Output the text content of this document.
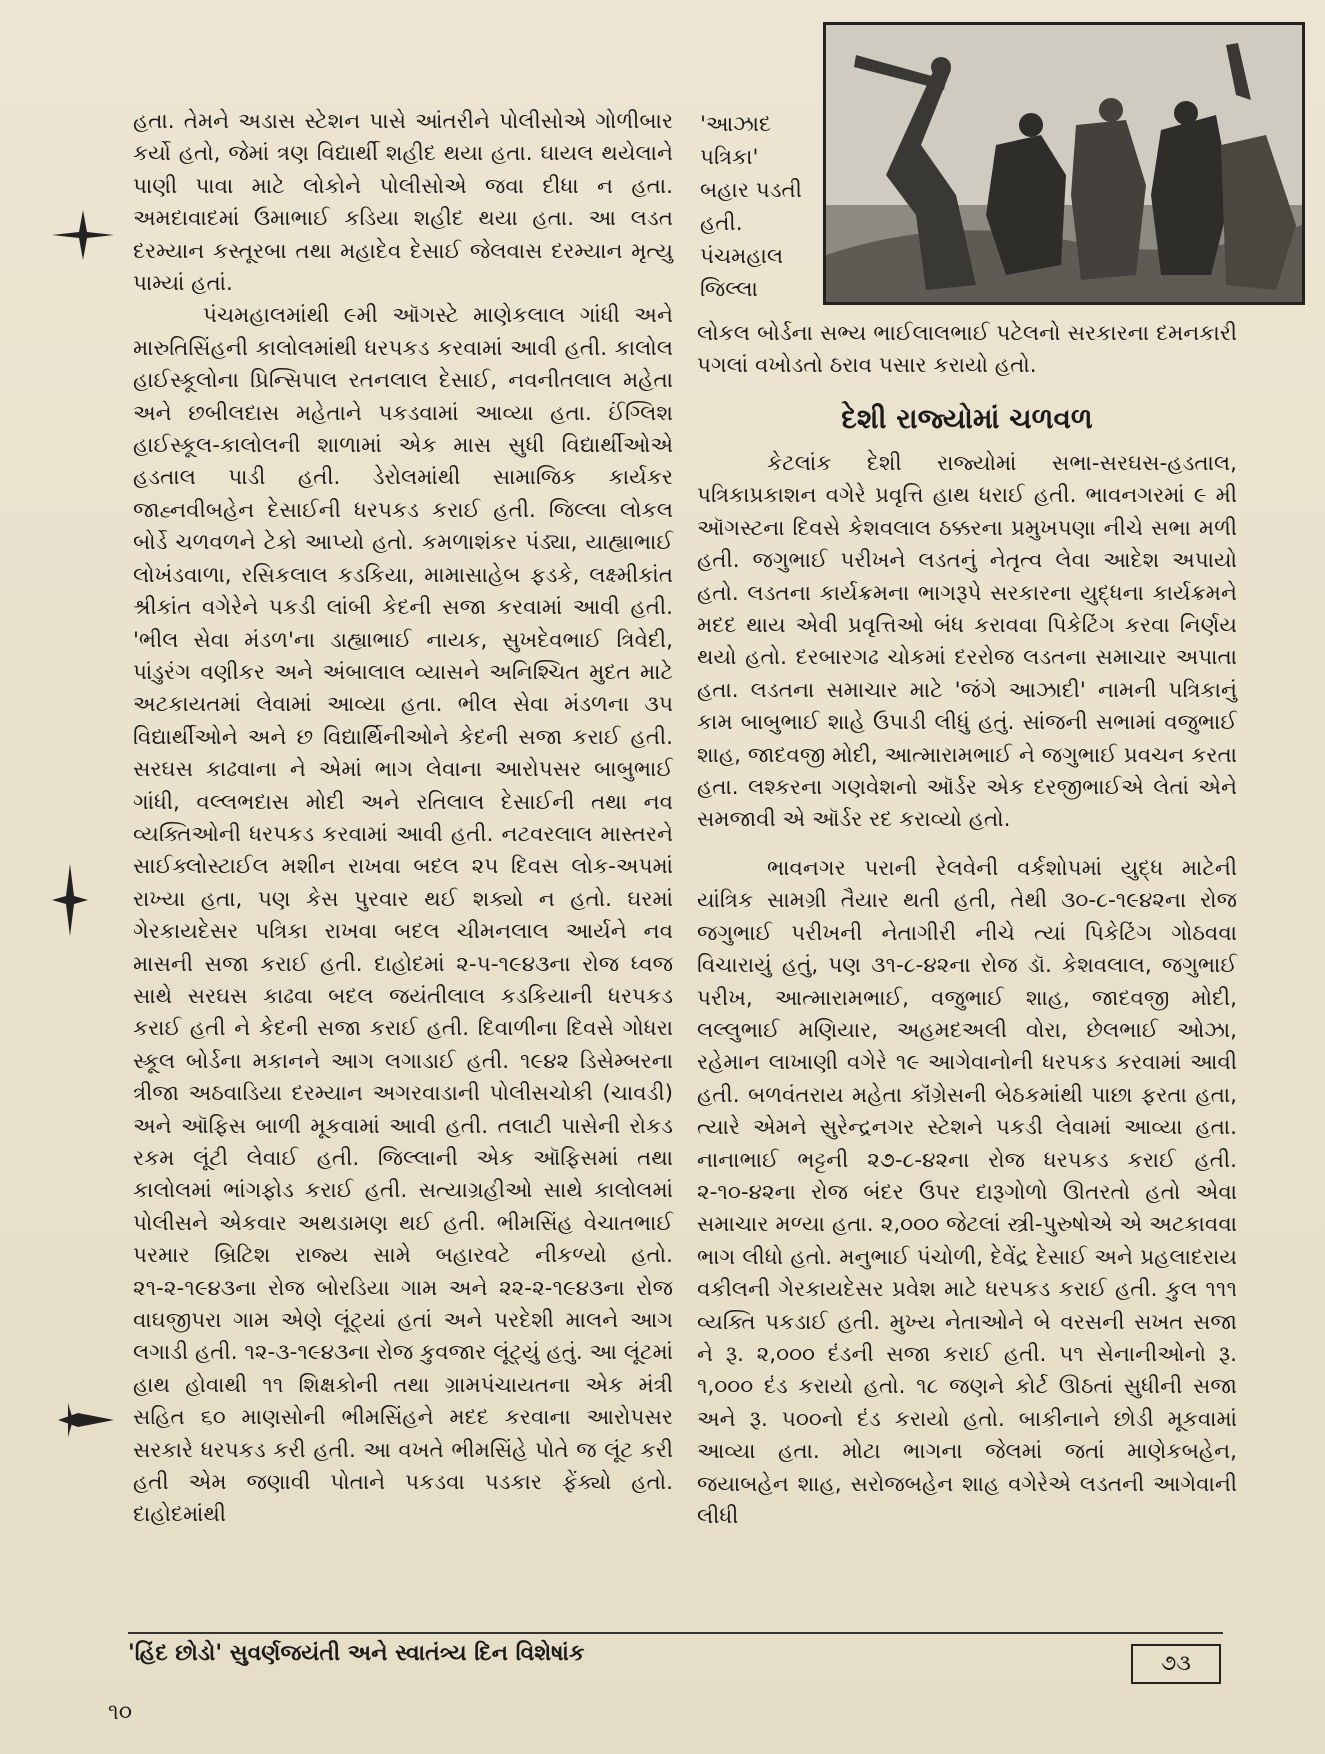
'આઝાદ
પત્રિકા'
બહાર પડતી
હતી.
પંચમહાલ
જિલ્લા

હતા. તેમને અડાસ સ્ટેશન પાસે આંતરીને પોલીસોએ ગોળીબાર કર્યો હતો, જેમાં ત્રણ વિદ્યાર્થી શહીદ થયા હતા. ઘાયલ થયેલાને પાણી પાવા માટે લોકોને પોલીસોએ જવા દીધા ન હતા. અમદાવાદમાં ઉમાભાઈ કડિયા શહીદ થયા હતા. આ લડત દરમ્યાન કસ્તૂરબા તથા મહાદેવ દેસાઈ જેલવાસ દરમ્યાન મૃત્યુ પામ્યાં હતાં.

પંચમહાલમાંથી ૯મી ઑગસ્ટે માણેકલાલ ગાંધી અને મારુતિસિંહની કાલોલમાંથી ધરપકડ કરવામાં આવી હતી. કાલોલ હાઈસ્કૂલોના પ્રિન્સિપાલ રતનલાલ દેસાઈ, નવનીતલાલ મહેતા અને છબીલદાસ મહેતાને પકડવામાં આવ્યા હતા. ઈંગ્લિશ હાઈસ્કૂલ-કાલોલની શાળામાં એક માસ સુધી વિદ્યાર્થીઓએ હડતાલ પાડી હતી. ડેરોલમાંથી સામાજિક કાર્યકર જાહ્નવીબહેન દેસાઈની ધરપકડ કરાઈ હતી. જિલ્લા લોકલ બોર્ડે ચળવળને ટેકો આપ્યો હતો. કમળાશંકર પંડ્યા, યાહ્યાભાઈ લોખંડવાળા, રસિકલાલ કડકિયા, મામાસાહેબ ફડકે, લક્ષ્મીકાંત શ્રીકાંત વગેરેને પકડી લાંબી કેદની સજા કરવામાં આવી હતી. 'ભીલ સેવા મંડળ'ના ડાહ્યાભાઈ નાયક, સુખદેવભાઈ ત્રિવેદી, પાંડુરંગ વણીકર અને અંબાલાલ વ્યાસને અનિશ્ચિત મુદત માટે અટકાયતમાં લેવામાં આવ્યા હતા. ભીલ સેવા મંડળના ૩૫ વિદ્યાર્થીઓને અને છ વિદ્યાર્થિનીઓને કેદની સજા કરાઈ હતી. સરઘસ કાઢવાના ને એમાં ભાગ લેવાના આરોપસર બાબુભાઈ ગાંધી, વલ્લભદાસ મોદી અને રતિલાલ દેસાઈની તથા નવ વ્યક્તિઓની ધરપકડ કરવામાં આવી હતી. નટવરલાલ માસ્તરને સાઈક્લોસ્ટાઈલ મશીન રાખવા બદલ ૨૫ દિવસ લોક-અપમાં રાખ્યા હતા, પણ કેસ પુરવાર થઈ શક્યો ન હતો. ઘરમાં ગેરકાયદેસર પત્રિકા રાખવા બદલ ચીમનલાલ આર્યને નવ માસની સજા કરાઈ હતી. દાહોદમાં ૨-૫-૧૯૪૩ના રોજ ધ્વજ સાથે સરઘસ કાઢવા બદલ જયંતીલાલ કડકિયાની ધરપકડ કરાઈ હતી ને કેદની સજા કરાઈ હતી. દિવાળીના દિવસે ગોધરા સ્કૂલ બોર્ડના મકાનને આગ લગાડાઈ હતી. ૧૯૪૨ ડિસેમ્બરના ત્રીજા અઠવાડિયા દરમ્યાન અગરવાડાની પોલીસચોકી (ચાવડી) અને ઑફિસ બાળી મૂકવામાં આવી હતી. તલાટી પાસેની રોકડ રકમ લૂંટી લેવાઈ હતી. જિલ્લાની એક ઑફિસમાં તથા કાલોલમાં ભાંગફોડ કરાઈ હતી. સત્યાગ્રહીઓ સાથે કાલોલમાં પોલીસને એકવાર અથડામણ થઈ હતી. ભીમસિંહ વેચાતભાઈ પરમાર બ્રિટિશ રાજ્ય સામે બહારવટે નીકળ્યો હતો. ૨૧-૨-૧૯૪૩ના રોજ બોરડિયા ગામ અને ૨૨-૨-૧૯૪૩ના રોજ વાઘજીપરા ગામ એણે લૂંટ્યાં હતાં અને પરદેશી માલને આગ લગાડી હતી. ૧૨-૩-૧૯૪૩ના રોજ કુવજાર લૂંટ્યું હતું. આ લૂંટમાં હાથ હોવાથી ૧૧ શિક્ષકોની તથા ગ્રામપંચાયતના એક મંત્રી સહિત ૬૦ માણસોની ભીમસિંહને મદદ કરવાના આરોપસર સરકારે ધરપકડ કરી હતી. આ વખતે ભીમસિંહે પોતે જ લૂંટ કરી હતી એમ જણાવી પોતાને પકડવા પડકાર ફેંક્યો હતો. દાહોદમાંથી

લોકલ બોર્ડના સભ્ય ભાઈલાલભાઈ પટેલનો સરકારના દમનકારી પગલાં વખોડતો ઠરાવ પસાર કરાયો હતો.

દેશી રાજ્યોમાં ચળવળ

કેટલાંક દેશી રાજ્યોમાં સભા-સરઘસ-હડતાલ, પત્રિકાપ્રકાશન વગેરે પ્રવૃત્તિ હાથ ધરાઈ હતી. ભાવનગરમાં ૯ મી ઑગસ્ટના દિવસે કેશવલાલ ઠક્કરના પ્રમુખપણા નીચે સભા મળી હતી. જગુભાઈ પરીખને લડતનું નેતૃત્વ લેવા આદેશ અપાયો હતો. લડતના કાર્યક્રમના ભાગરૂપે સરકારના યુદ્ધના કાર્યક્રમને મદદ થાય એવી પ્રવૃત્તિઓ બંધ કરાવવા પિકેટિંગ કરવા નિર્ણય થયો હતો. દરબારગઢ ચોકમાં દરરોજ લડતના સમાચાર અપાતા હતા. લડતના સમાચાર માટે 'જંગે આઝાદી' નામની પત્રિકાનું કામ બાબુભાઈ શાહે ઉપાડી લીધું હતું. સાંજની સભામાં વજુભાઈ શાહ, જાદવજી મોદી, આત્મારામભાઈ ને જગુભાઈ પ્રવચન કરતા હતા. લશ્કરના ગણવેશનો ઑર્ડર એક દરજીભાઈએ લેતાં એને સમજાવી એ ઑર્ડર રદ કરાવ્યો હતો.

ભાવનગર પરાની રેલવેની વર્કશોપમાં યુદ્ધ માટેની યાંત્રિક સામગ્રી તૈયાર થતી હતી, તેથી ૩૦-૮-૧૯૪૨ના રોજ જગુભાઈ પરીખની નેતાગીરી નીચે ત્યાં પિકેટિંગ ગોઠવવા વિચારાયું હતું, પણ ૩૧-૮-૪૨ના રોજ ડૉ. કેશવલાલ, જગુભાઈ પરીખ, આત્મારામભાઈ, વજુભાઈ શાહ, જાદવજી મોદી, લલ્લુભાઈ મણિયાર, અહમદઅલી વોરા, છેલભાઈ ઓઝા, રહેમાન લાખાણી વગેરે ૧૯ આગેવાનોની ધરપકડ કરવામાં આવી હતી. બળવંતરાય મહેતા કૉંગ્રેસની બેઠકમાંથી પાછા ફરતા હતા, ત્યારે એમને સુરેન્દ્રનગર સ્ટેશને પકડી લેવામાં આવ્યા હતા. નાનાભાઈ ભટ્ટની ૨૭-૮-૪૨ના રોજ ધરપકડ કરાઈ હતી. ૨-૧૦-૪૨ના રોજ બંદર ઉપર દારૂગોળો ઊતરતો હતો એવા સમાચાર મળ્યા હતા. ૨,૦૦૦ જેટલાં સ્ત્રી-પુરુષોએ એ અટકાવવા ભાગ લીધો હતો. મનુભાઈ પંચોળી, દેવેંદ્ર દેસાઈ અને પ્રહલાદરાય વકીલની ગેરકાયદેસર પ્રવેશ માટે ધરપકડ કરાઈ હતી. કુલ ૧૧૧ વ્યક્તિ પકડાઈ હતી. મુખ્ય નેતાઓને બે વરસની સખત સજા ને રૂ. ૨,૦૦૦ દંડની સજા કરાઈ હતી. ૫૧ સેનાનીઓનો રૂ. ૧,૦૦૦ દંડ કરાયો હતો. ૧૮ જણને કોર્ટ ઊઠતાં સુધીની સજા અને રૂ. ૫૦૦નો દંડ કરાયો હતો. બાકીનાને છોડી મૂકવામાં આવ્યા હતા. મોટા ભાગના જેલમાં જતાં માણેકબહેન, જયાબહેન શાહ, સરોજબહેન શાહ વગેરેએ લડતની આગેવાની લીધી

'હિંદ છોડો' સુવર્ણજયંતી અને સ્વાતંત્ર્ય દિન વિશેષાંક	૭૩
૧૦
